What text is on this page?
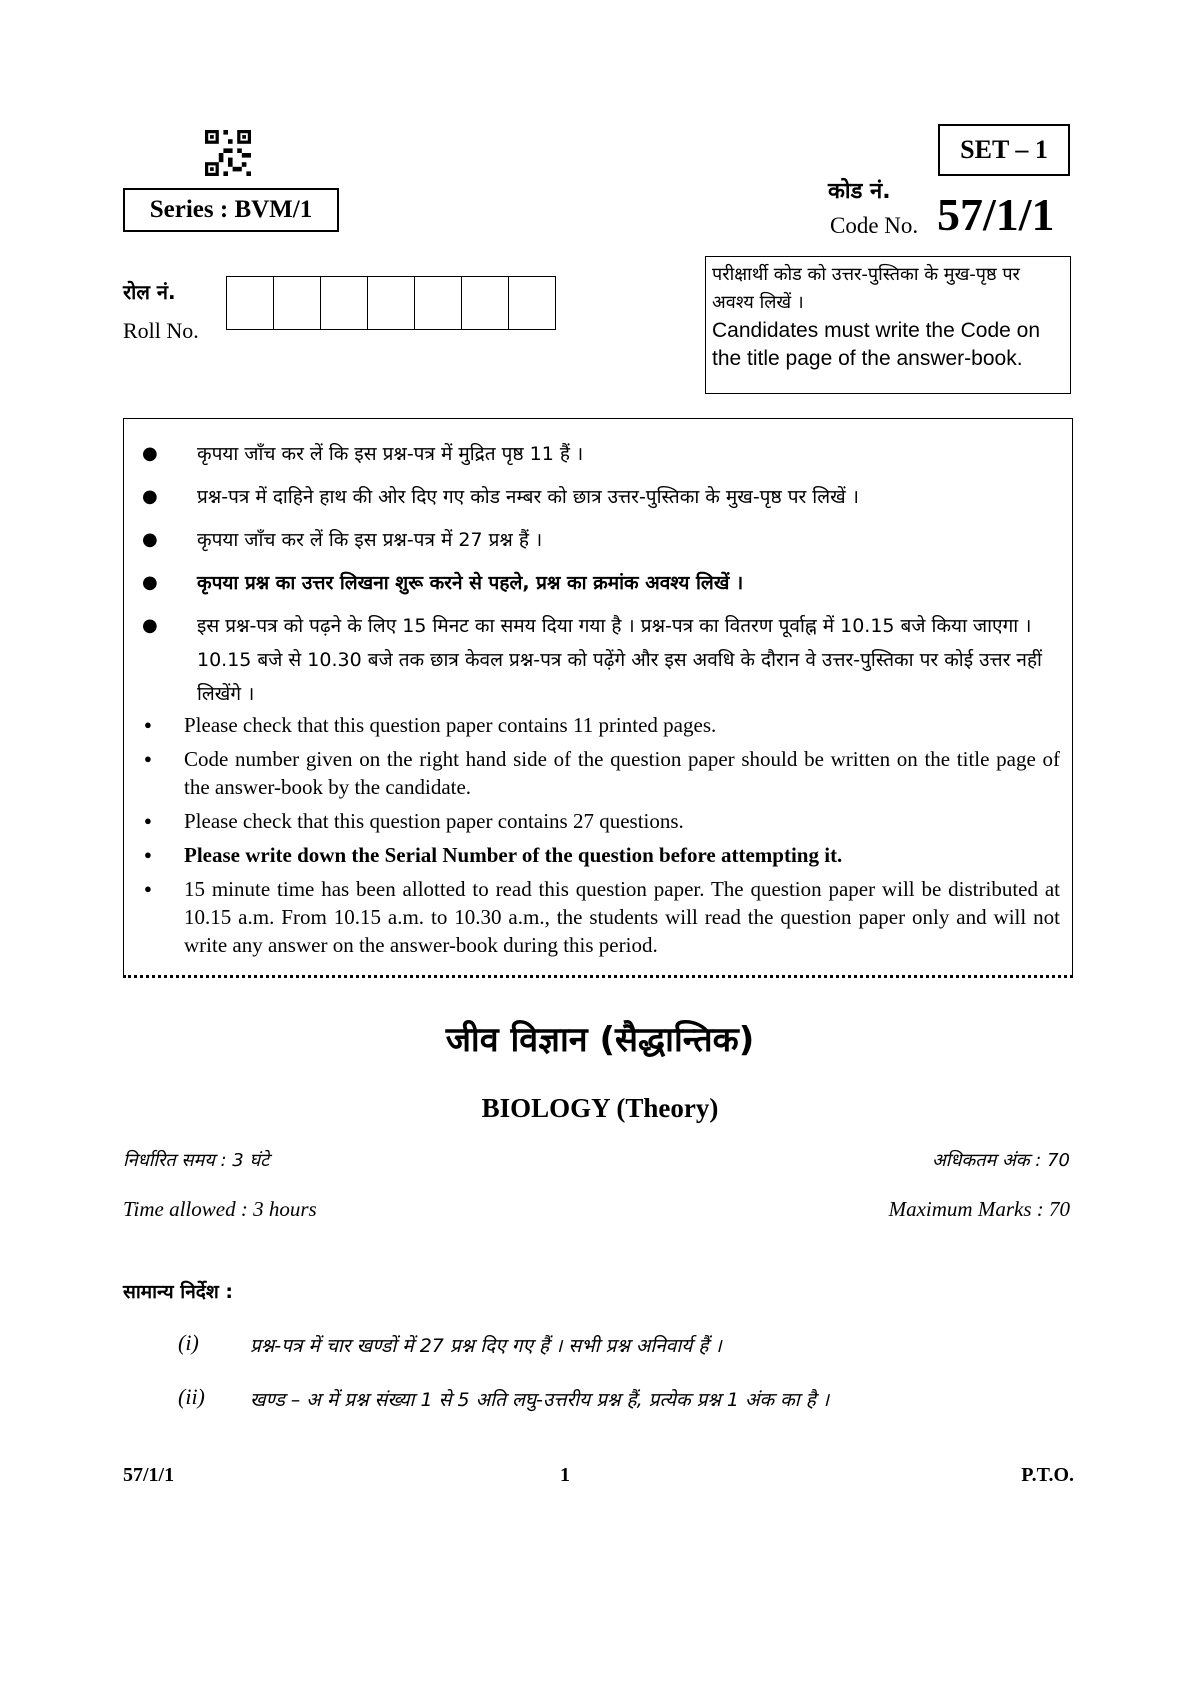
Series : BVM/1
SET – 1
कोड नं.
Code No. 57/1/1
रोल नं.
Roll No.
परीक्षार्थी कोड को उत्तर-पुस्तिका के मुख-पृष्ठ पर अवश्य लिखें ।
Candidates must write the Code on the title page of the answer-book.
● कृपया जाँच कर लें कि इस प्रश्न-पत्र में मुद्रित पृष्ठ 11 हैं ।
● प्रश्न-पत्र में दाहिने हाथ की ओर दिए गए कोड नम्बर को छात्र उत्तर-पुस्तिका के मुख-पृष्ठ पर लिखें ।
● कृपया जाँच कर लें कि इस प्रश्न-पत्र में 27 प्रश्न हैं ।
● कृपया प्रश्न का उत्तर लिखना शुरू करने से पहले, प्रश्न का क्रमांक अवश्य लिखें ।
● इस प्रश्न-पत्र को पढ़ने के लिए 15 मिनट का समय दिया गया है । प्रश्न-पत्र का वितरण पूर्वाह्न में 10.15 बजे किया जाएगा । 10.15 बजे से 10.30 बजे तक छात्र केवल प्रश्न-पत्र को पढ़ेंगे और इस अवधि के दौरान वे उत्तर-पुस्तिका पर कोई उत्तर नहीं लिखेंगे ।
● Please check that this question paper contains 11 printed pages.
● Code number given on the right hand side of the question paper should be written on the title page of the answer-book by the candidate.
● Please check that this question paper contains 27 questions.
● Please write down the Serial Number of the question before attempting it.
● 15 minute time has been allotted to read this question paper. The question paper will be distributed at 10.15 a.m. From 10.15 a.m. to 10.30 a.m., the students will read the question paper only and will not write any answer on the answer-book during this period.
जीव विज्ञान (सैद्धान्तिक)
BIOLOGY (Theory)
निर्धारित समय : 3 घंटे	अधिकतम अंक : 70
Time allowed : 3 hours	Maximum Marks : 70
सामान्य निर्देश :
(i)	प्रश्न-पत्र में चार खण्डों में 27 प्रश्न दिए गए हैं । सभी प्रश्न अनिवार्य हैं ।
(ii) खण्ड – अ में प्रश्न संख्या 1 से 5 अति लघु-उत्तरीय प्रश्न हैं, प्रत्येक प्रश्न 1 अंक का है ।
57/1/1	1	P.T.O.
